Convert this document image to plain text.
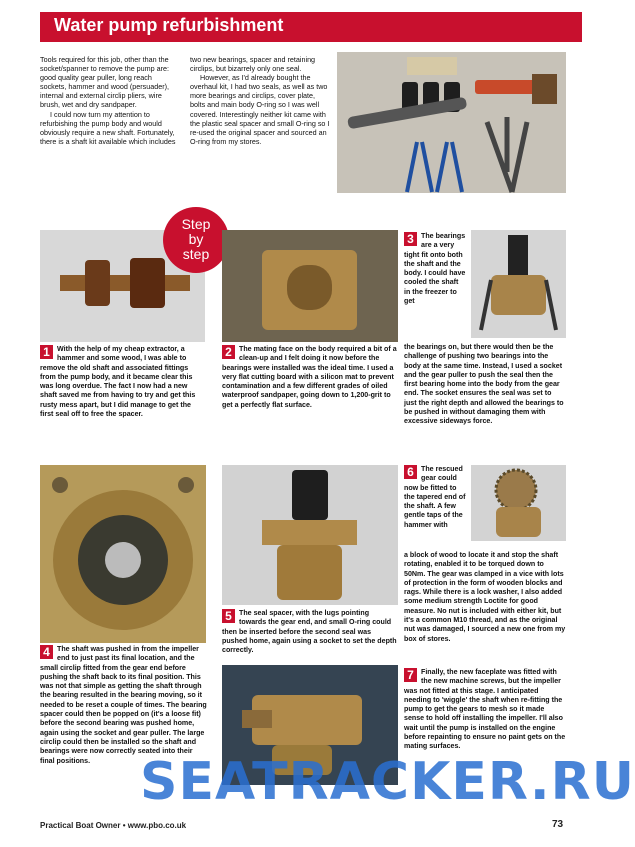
Water pump refurbishment

Tools required for this job, other than the socket/spanner to remove the pump are: good quality gear puller, long reach sockets, hammer and wood (persuader), internal and external circlip pliers, wire brush, wet and dry sandpaper.

I could now turn my attention to refurbishing the pump body and would obviously require a new shaft. Fortunately, there is a shaft kit available which includes

two new bearings, spacer and retaining circlips, but bizarrely only one seal.

However, as I'd already bought the overhaul kit, I had two seals, as well as two more bearings and circlips, cover plate, bolts and main body O-ring so I was well covered. Interestingly neither kit came with the plastic seal spacer and small O-ring so I re-used the original spacer and sourced an O-ring from my stores.

1	With the help of my cheap extractor, a hammer and some wood, I was able to remove the old shaft and associated fittings from the pump body, and it became clear this was long overdue. The fact I now had a new shaft saved me from having to try and get this rusty mess apart, but I did manage to get the first seal off to free the spacer.
Step
by
step
2	The mating face on the body required a bit of a clean-up and I felt doing it now before the bearings were installed was the ideal time. I used a very flat cutting board with a silicon mat to prevent contamination and a few different grades of oiled waterproof sandpaper, going down to 1,200-grit to get a perfectly flat surface.
3	The bearings are a very tight fit onto both the shaft and the body. I could have cooled the shaft in the freezer to get
the bearings on, but there would then be the challenge of pushing two bearings into the body at the same time. Instead, I used a socket and the gear puller to push the seal then the first bearing home into the body from the gear end. The socket ensures the seal was set to just the right depth and allowed the bearings to be pushed in without damaging them with excessive sideways force.
4	The shaft was pushed in from the impeller end to just past its final location, and the small circlip fitted from the gear end before pushing the shaft back to its final position. This was not that simple as getting the shaft through the bearing resulted in the bearing moving, so it needed to be reset a couple of times. The bearing spacer could then be popped on (it's a loose fit) before the second bearing was pushed home, again using the socket and gear puller. The large circlip could then be installed so the shaft and bearings were now correctly seated into their final positions.
5	The seal spacer, with the lugs pointing towards the gear end, and small O-ring could then be inserted before the second seal was pushed home, again using a socket to set the depth correctly.
6	The rescued gear could now be fitted to the tapered end of the shaft. A few gentle taps of the hammer with
a block of wood to locate it and stop the shaft rotating, enabled it to be torqued down to 50Nm. The gear was clamped in a vice with lots of protection in the form of wooden blocks and rags. While there is a lock washer, I also added some medium strength Loctite for good measure. No nut is included with either kit, but it's a common M10 thread, and as the original nut was damaged, I sourced a new one from my box of stores.
7	Finally, the new faceplate was fitted with the new machine screws, but the impeller was not fitted at this stage. I anticipated needing to 'wiggle' the shaft when re-fitting the pump to get the gears to mesh so it made sense to hold off installing the impeller. I'll also wait until the pump is installed on the engine before repainting to ensure no paint gets on the mating surfaces.
SEATRACKER.RU
Practical Boat Owner • www.pbo.co.uk	73
